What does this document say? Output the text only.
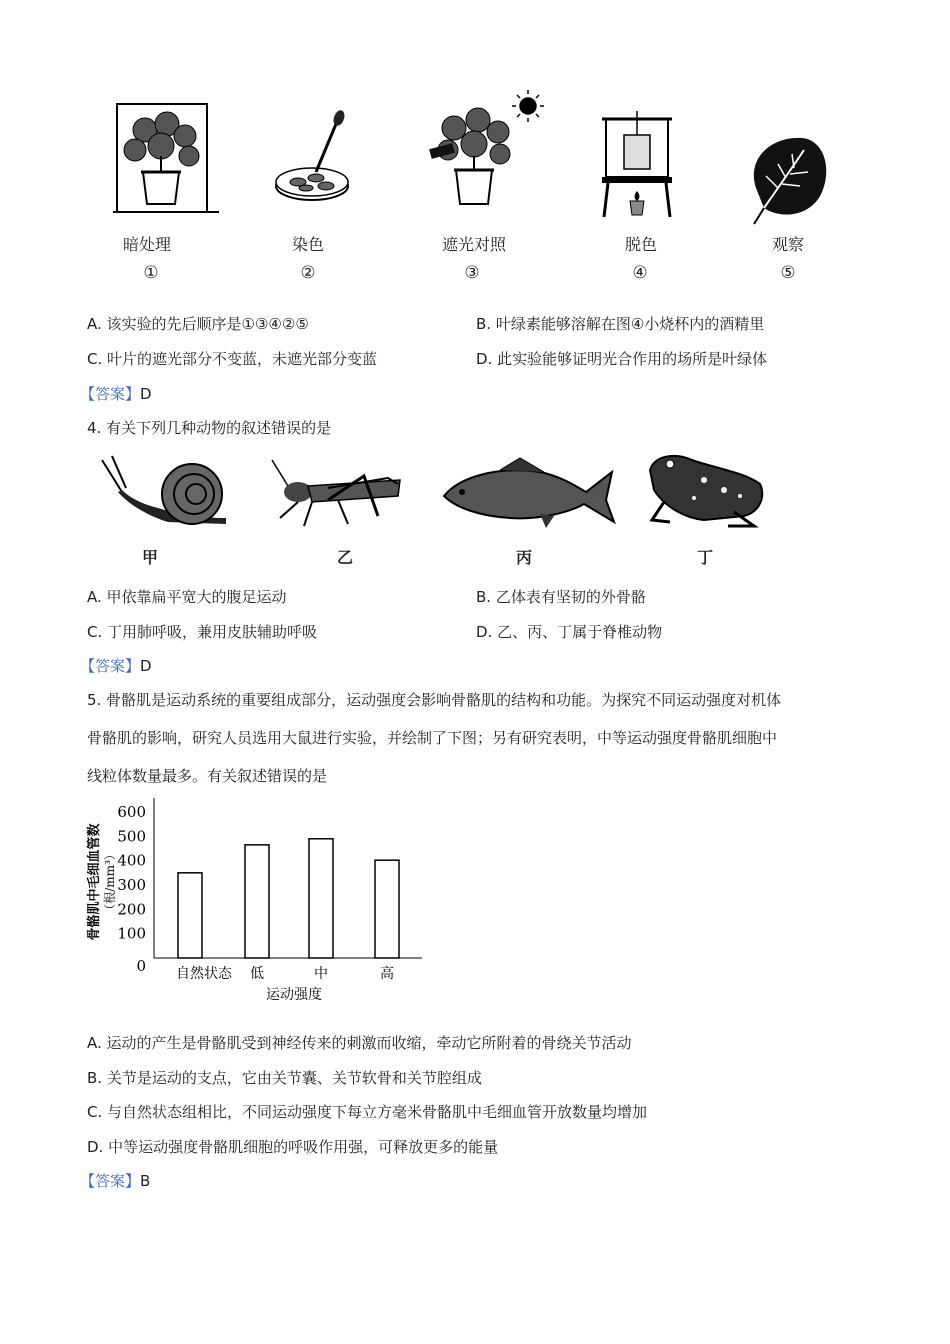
暗处理
①
染色
②
遮光对照
③
脱色
④
观察
⑤
A. 该实验的先后顺序是①③④②⑤	B. 叶绿素能够溶解在图④小烧杯内的酒精里
C. 叶片的遮光部分不变蓝，未遮光部分变蓝	D. 此实验能够证明光合作用的场所是叶绿体
【答案】D
4. 有关下列几种动物的叙述错误的是
甲	乙	丙	丁
A. 甲依靠扁平宽大的腹足运动	B. 乙体表有坚韧的外骨骼
C. 丁用肺呼吸，兼用皮肤辅助呼吸	D. 乙、丙、丁属于脊椎动物
【答案】D
5. 骨骼肌是运动系统的重要组成部分，运动强度会影响骨骼肌的结构和功能。为探究不同运动强度对机体
骨骼肌的影响，研究人员选用大鼠进行实验，并绘制了下图；另有研究表明，中等运动强度骨骼肌细胞中
线粒体数量最多。有关叙述错误的是
骨骼肌中毛细血管数 （根/mm³）
600
500
400
300
200
100
0 自然状态 低	中	高
运动强度
A. 运动的产生是骨骼肌受到神经传来的刺激而收缩，牵动它所附着的骨绕关节活动
B. 关节是运动的支点，它由关节囊、关节软骨和关节腔组成
C. 与自然状态组相比，不同运动强度下每立方毫米骨骼肌中毛细血管开放数量均增加
D. 中等运动强度骨骼肌细胞的呼吸作用强，可释放更多的能量
【答案】B
